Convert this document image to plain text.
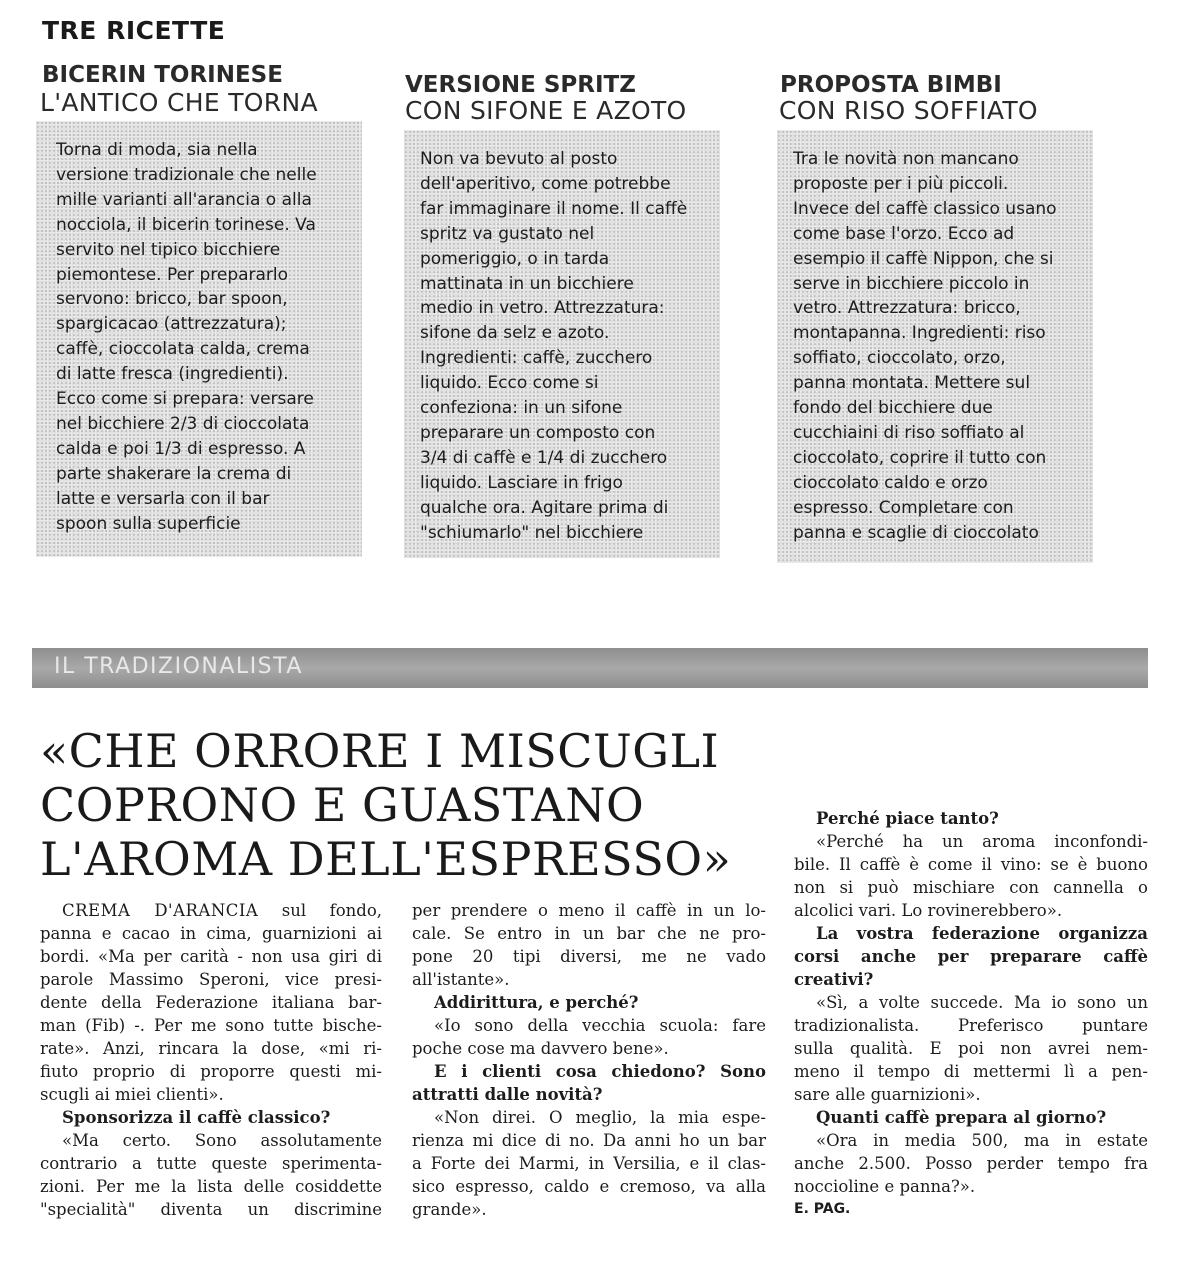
TRE RICETTE
BICERIN TORINESE
L'ANTICO CHE TORNA
Torna di moda, sia nella
versione tradizionale che nelle
mille varianti all'arancia o alla
nocciola, il bicerin torinese. Va
servito nel tipico bicchiere
piemontese. Per prepararlo
servono: bricco, bar spoon,
spargicacao (attrezzatura);
caffè, cioccolata calda, crema
di latte fresca (ingredienti).
Ecco come si prepara: versare
nel bicchiere 2/3 di cioccolata
calda e poi 1/3 di espresso. A
parte shakerare la crema di
latte e versarla con il bar
spoon sulla superficie
VERSIONE SPRITZ
CON SIFONE E AZOTO
Non va bevuto al posto
dell'aperitivo, come potrebbe
far immaginare il nome. Il caffè
spritz va gustato nel
pomeriggio, o in tarda
mattinata in un bicchiere
medio in vetro. Attrezzatura:
sifone da selz e azoto.
Ingredienti: caffè, zucchero
liquido. Ecco come si
confeziona: in un sifone
preparare un composto con
3/4 di caffè e 1/4 di zucchero
liquido. Lasciare in frigo
qualche ora. Agitare prima di
"schiumarlo" nel bicchiere
PROPOSTA BIMBI
CON RISO SOFFIATO
Tra le novità non mancano
proposte per i più piccoli.
Invece del caffè classico usano
come base l'orzo. Ecco ad
esempio il caffè Nippon, che si
serve in bicchiere piccolo in
vetro. Attrezzatura: bricco,
montapanna. Ingredienti: riso
soffiato, cioccolato, orzo,
panna montata. Mettere sul
fondo del bicchiere due
cucchiaini di riso soffiato al
cioccolato, coprire il tutto con
cioccolato caldo e orzo
espresso. Completare con
panna e scaglie di cioccolato
IL TRADIZIONALISTA
«CHE ORRORE I MISCUGLI
COPRONO E GUASTANO
L'AROMA DELL'ESPRESSO»
CREMA D'ARANCIA sul fondo,
panna e cacao in cima, guarnizioni ai
bordi. «Ma per carità - non usa giri di
parole Massimo Speroni, vice presi-
dente della Federazione italiana bar-
man (Fib) -. Per me sono tutte bische-
rate». Anzi, rincara la dose, «mi ri-
fiuto proprio di proporre questi mi-
scugli ai miei clienti».
Sponsorizza il caffè classico?
«Ma certo. Sono assolutamente
contrario a tutte queste sperimenta-
zioni. Per me la lista delle cosiddette
"specialità" diventa un discrimine
per prendere o meno il caffè in un lo-
cale. Se entro in un bar che ne pro-
pone 20 tipi diversi, me ne vado
all'istante».
Addirittura, e perché?
«Io sono della vecchia scuola: fare
poche cose ma davvero bene».
E i clienti cosa chiedono? Sono
attratti dalle novità?
«Non direi. O meglio, la mia espe-
rienza mi dice di no. Da anni ho un bar
a Forte dei Marmi, in Versilia, e il clas-
sico espresso, caldo e cremoso, va alla
grande».
Perché piace tanto?
«Perché ha un aroma inconfondi-
bile. Il caffè è come il vino: se è buono
non si può mischiare con cannella o
alcolici vari. Lo rovinerebbero».
La vostra federazione organizza
corsi anche per preparare caffè
creativi?
«Sì, a volte succede. Ma io sono un
tradizionalista. Preferisco puntare
sulla qualità. E poi non avrei nem-
meno il tempo di mettermi lì a pen-
sare alle guarnizioni».
Quanti caffè prepara al giorno?
«Ora in media 500, ma in estate
anche 2.500. Posso perder tempo fra
noccioline e panna?».
E. PAG.
